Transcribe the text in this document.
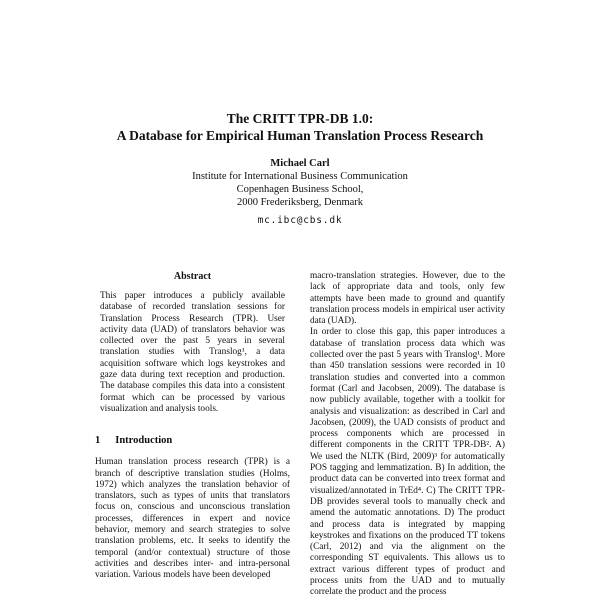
The CRITT TPR-DB 1.0:
A Database for Empirical Human Translation Process Research
Michael Carl
Institute for International Business Communication
Copenhagen Business School,
2000 Frederiksberg, Denmark
mc.ibc@cbs.dk
Abstract

This paper introduces a publicly available database of recorded translation sessions for Translation Process Research (TPR). User activity data (UAD) of translators behavior was collected over the past 5 years in several translation studies with Translog¹, a data acquisition software which logs keystrokes and gaze data during text reception and production. The database compiles this data into a consistent format which can be processed by various visualization and analysis tools.

1 Introduction

Human translation process research (TPR) is a branch of descriptive translation studies (Holms, 1972) which analyzes the translation behavior of translators, such as types of units that translators focus on, conscious and unconscious translation processes, differences in expert and novice behavior, memory and search strategies to solve translation problems, etc. It seeks to identify the temporal (and/or contextual) structure of those activities and describes inter- and intra-personal variation. Various models have been developed

macro-translation strategies. However, due to the lack of appropriate data and tools, only few attempts have been made to ground and quantify translation process models in empirical user activity data (UAD).

In order to close this gap, this paper introduces a database of translation process data which was collected over the past 5 years with Translog¹. More than 450 translation sessions were recorded in 10 translation studies and converted into a common format (Carl and Jacobsen, 2009). The database is now publicly available, together with a toolkit for analysis and visualization: as described in Carl and Jacobsen, (2009), the UAD consists of product and process components which are processed in different components in the CRITT TPR-DB². A) We used the NLTK (Bird, 2009)³ for automatically POS tagging and lemmatization. B) In addition, the product data can be converted into treex format and visualized/annotated in TrEd⁴. C) The CRITT TPR-DB provides several tools to manually check and amend the automatic annotations. D) The product and process data is integrated by mapping keystrokes and fixations on the produced TT tokens (Carl, 2012) and via the alignment on the corresponding ST equivalents. This allows us to extract various different types of product and process units from the UAD and to mutually correlate the product and the process
